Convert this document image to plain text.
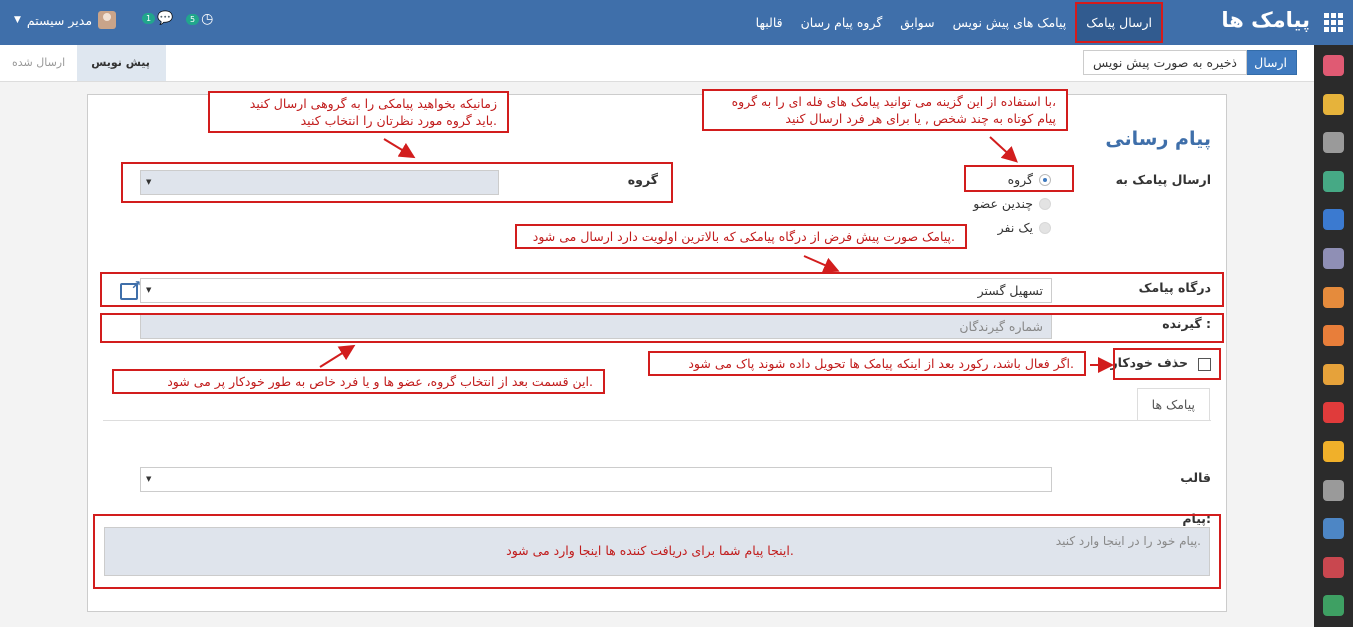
پیامک ها
ارسال پیامک
پیامک های پیش نویس
سوابق
گروه پیام رسان
قالبها
5 ◷
1 💬
▼ مدیر سیستم
ارسال
ذخیره به صورت پیش نویس
پیش نویس
ارسال شده
پیام رسانی
ارسال پیامک به
گروه
چندین عضو
یک نفر
گروه
▼
درگاه پیامک
تسهیل گستر
▼
↗
گیرنده :
شماره گیرندگان
حذف خودکار
پیامک ها
قالب
▼
پیام:
پیام خود را در اینجا وارد کنید.
با استفاده از این گزینه می توانید پیامک های فله ای را به گروه،
پیام کوتاه به چند شخص , یا برای هر فرد ارسال کنید
زمانیکه بخواهید پیامکی را به گروهی ارسال کنید
باید گروه مورد نظرتان را انتخاب کنید.
پیامک صورت پیش فرض از درگاه پیامکی که بالاترین اولویت دارد ارسال می شود.
این قسمت بعد از انتخاب گروه، عضو ها و یا فرد خاص به طور خودکار پر می شود.
اگر فعال باشد، رکورد بعد از اینکه پیامک ها تحویل داده شوند پاک می شود.
اینجا پیام شما برای دریافت کننده ها اینجا وارد می شود.
